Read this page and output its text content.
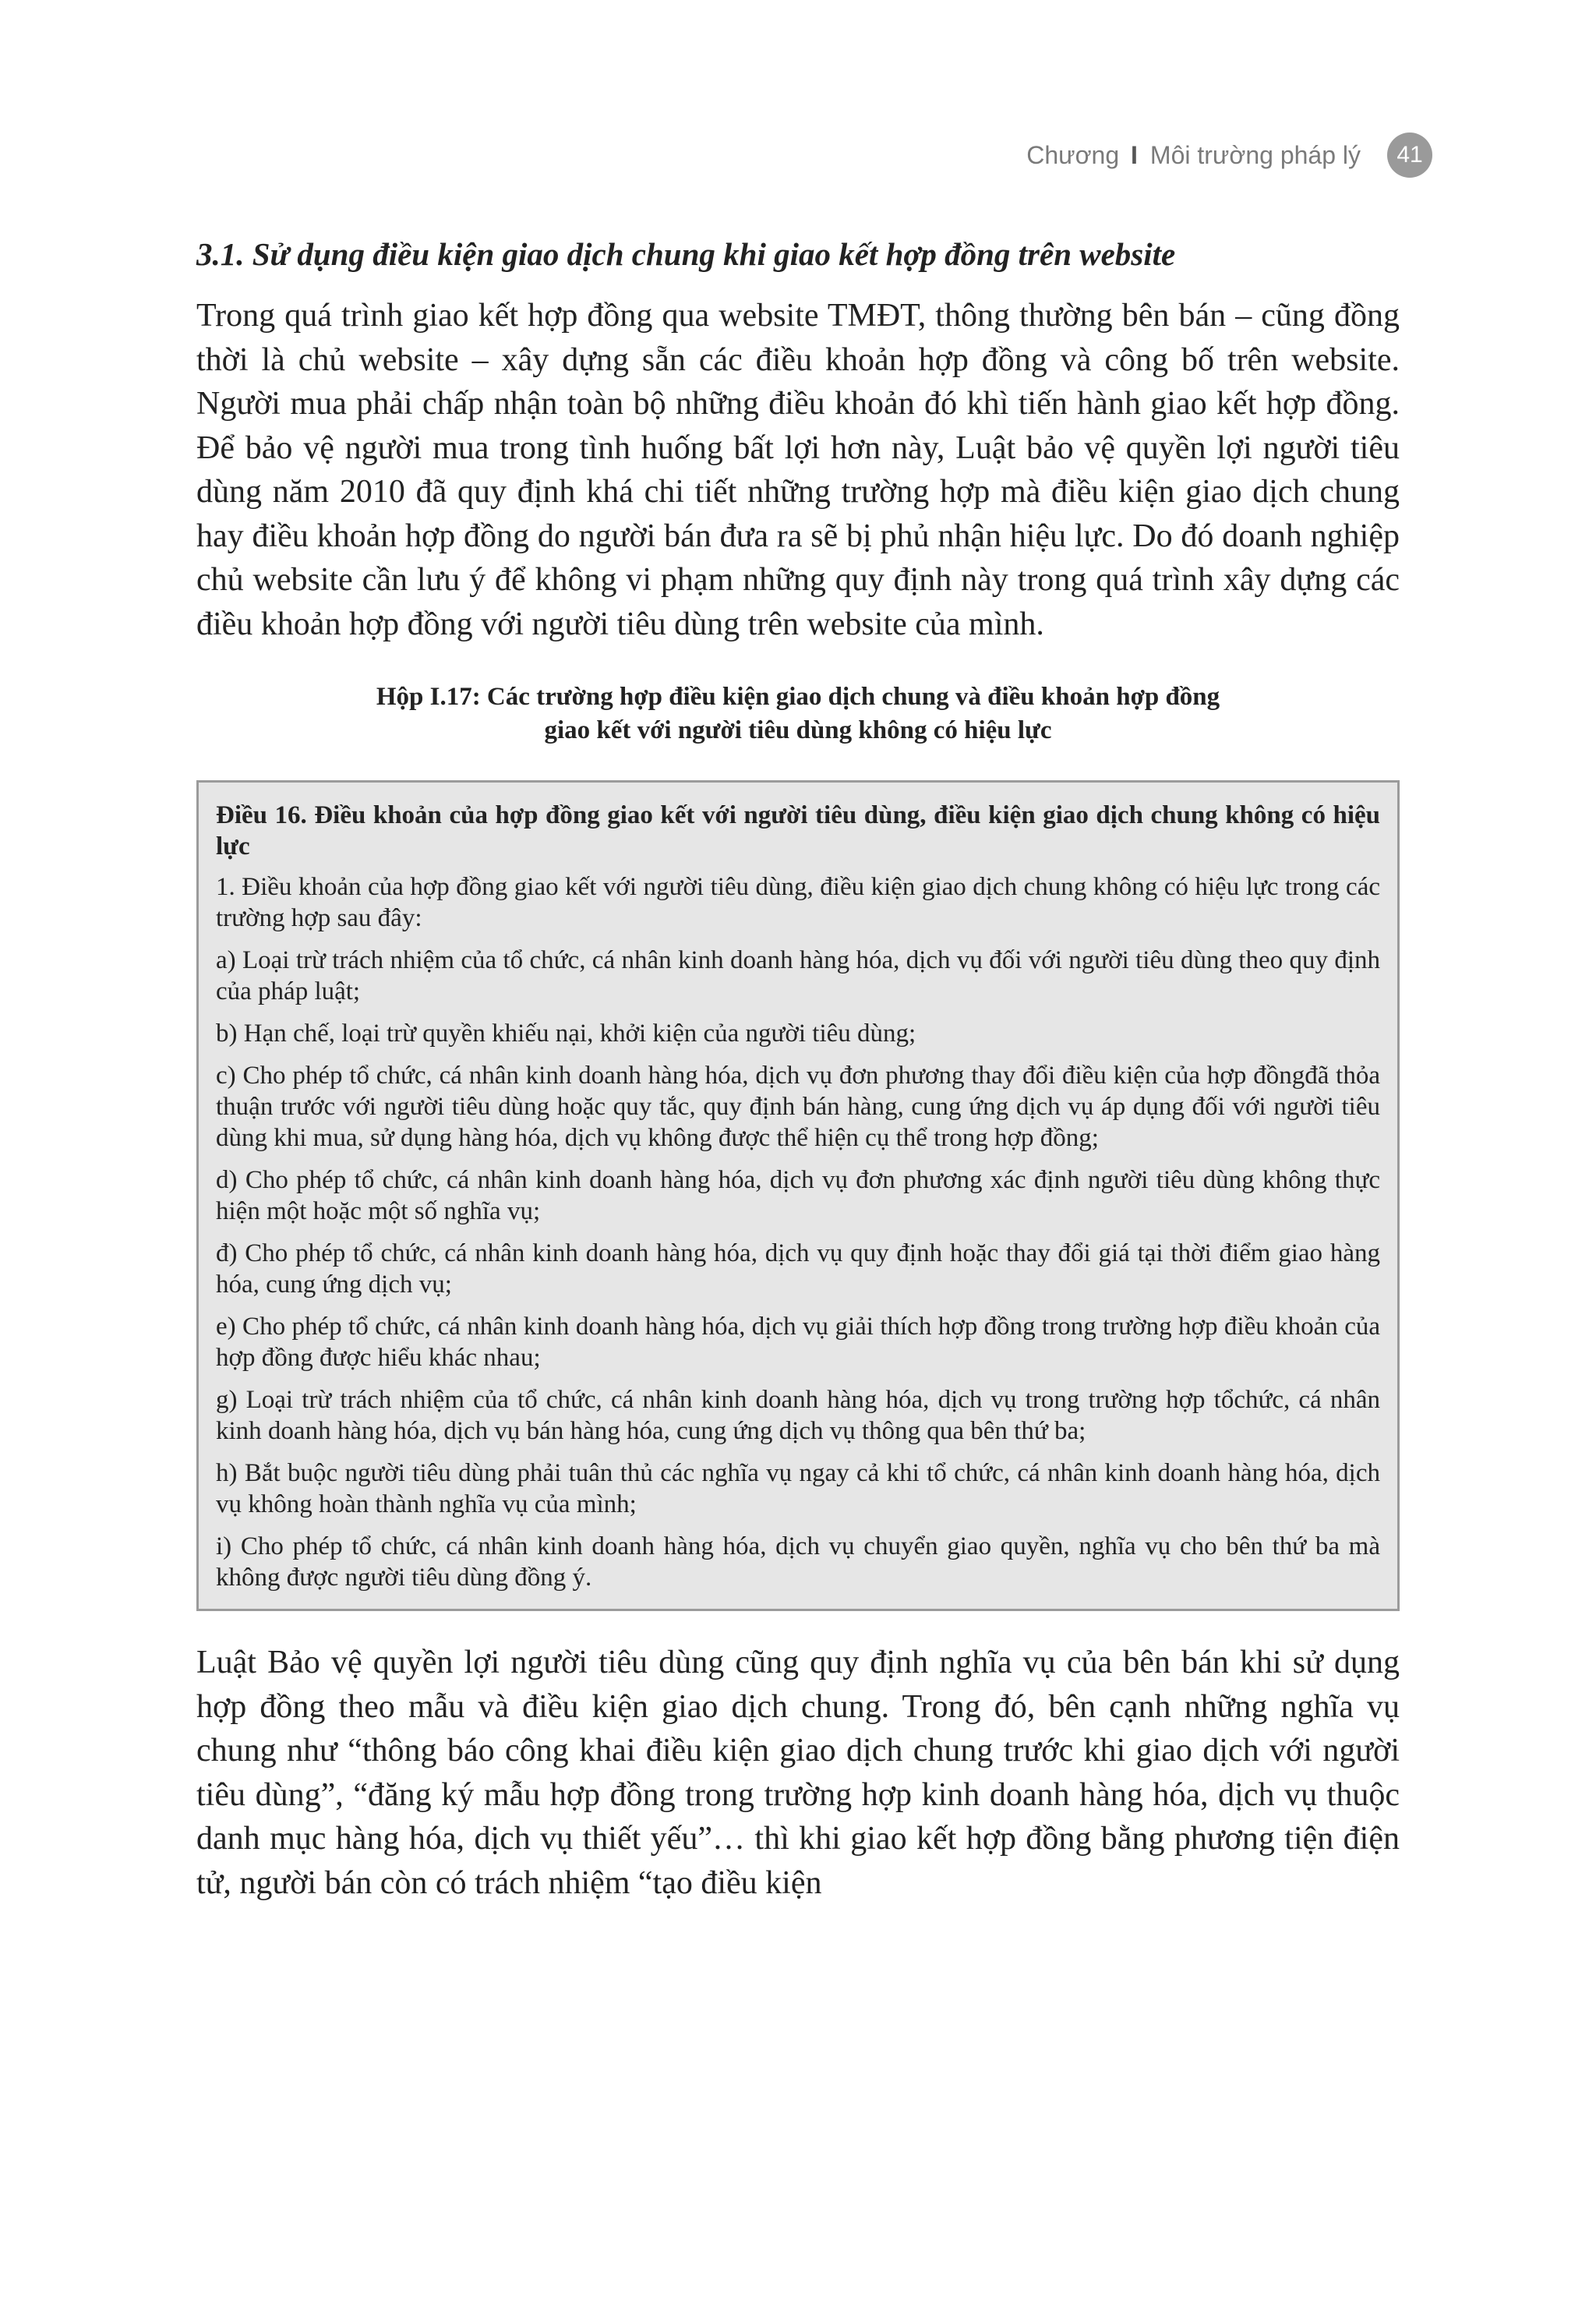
Chương
I Môi trường pháp lý	41
3.1. Sử dụng điều kiện giao dịch chung khi giao kết hợp đồng trên website

Trong quá trình giao kết hợp đồng qua website TMĐT, thông thường bên bán – cũng đồng thời là chủ website – xây dựng sẵn các điều khoản hợp đồng và công bố trên website. Người mua phải chấp nhận toàn bộ những điều khoản đó khì tiến hành giao kết hợp đồng. Để bảo vệ người mua trong tình huống bất lợi hơn này, Luật bảo vệ quyền lợi người tiêu dùng năm 2010 đã quy định khá chi tiết những trường hợp mà điều kiện giao dịch chung hay điều khoản hợp đồng do người bán đưa ra sẽ bị phủ nhận hiệu lực. Do đó doanh nghiệp chủ website cần lưu ý để không vi phạm những quy định này trong quá trình xây dựng các điều khoản hợp đồng với người tiêu dùng trên website của mình.

Hộp I.17: Các trường hợp điều kiện giao dịch chung và điều khoản hợp đồng
giao kết với người tiêu dùng không có hiệu lực
Điều 16. Điều khoản của hợp đồng giao kết với người tiêu dùng, điều kiện giao dịch chung không có hiệu lực
1. Điều khoản của hợp đồng giao kết với người tiêu dùng, điều kiện giao dịch chung không có hiệu lực trong các trường hợp sau đây:
a) Loại trừ trách nhiệm của tổ chức, cá nhân kinh doanh hàng hóa, dịch vụ đối với người tiêu dùng theo quy định của pháp luật;
b) Hạn chế, loại trừ quyền khiếu nại, khởi kiện của người tiêu dùng;
c) Cho phép tổ chức, cá nhân kinh doanh hàng hóa, dịch vụ đơn phương thay đổi điều kiện của hợp đồngđã thỏa thuận trước với người tiêu dùng hoặc quy tắc, quy định bán hàng, cung ứng dịch vụ áp dụng đối với người tiêu dùng khi mua, sử dụng hàng hóa, dịch vụ không được thể hiện cụ thể trong hợp đồng;
d) Cho phép tổ chức, cá nhân kinh doanh hàng hóa, dịch vụ đơn phương xác định người tiêu dùng không thực hiện một hoặc một số nghĩa vụ;
đ) Cho phép tổ chức, cá nhân kinh doanh hàng hóa, dịch vụ quy định hoặc thay đổi giá tại thời điểm giao hàng hóa, cung ứng dịch vụ;
e) Cho phép tổ chức, cá nhân kinh doanh hàng hóa, dịch vụ giải thích hợp đồng trong trường hợp điều khoản của hợp đồng được hiểu khác nhau;
g) Loại trừ trách nhiệm của tổ chức, cá nhân kinh doanh hàng hóa, dịch vụ trong trường hợp tổchức, cá nhân kinh doanh hàng hóa, dịch vụ bán hàng hóa, cung ứng dịch vụ thông qua bên thứ ba;
h) Bắt buộc người tiêu dùng phải tuân thủ các nghĩa vụ ngay cả khi tổ chức, cá nhân kinh doanh hàng hóa, dịch vụ không hoàn thành nghĩa vụ của mình;
i) Cho phép tổ chức, cá nhân kinh doanh hàng hóa, dịch vụ chuyển giao quyền, nghĩa vụ cho bên thứ ba mà không được người tiêu dùng đồng ý.

Luật Bảo vệ quyền lợi người tiêu dùng cũng quy định nghĩa vụ của bên bán khi sử dụng hợp đồng theo mẫu và điều kiện giao dịch chung. Trong đó, bên cạnh những nghĩa vụ chung như “thông báo công khai điều kiện giao dịch chung trước khi giao dịch với người tiêu dùng”, “đăng ký mẫu hợp đồng trong trường hợp kinh doanh hàng hóa, dịch vụ thuộc danh mục hàng hóa, dịch vụ thiết yếu”… thì khi giao kết hợp đồng bằng phương tiện điện tử, người bán còn có trách nhiệm “tạo điều kiện
